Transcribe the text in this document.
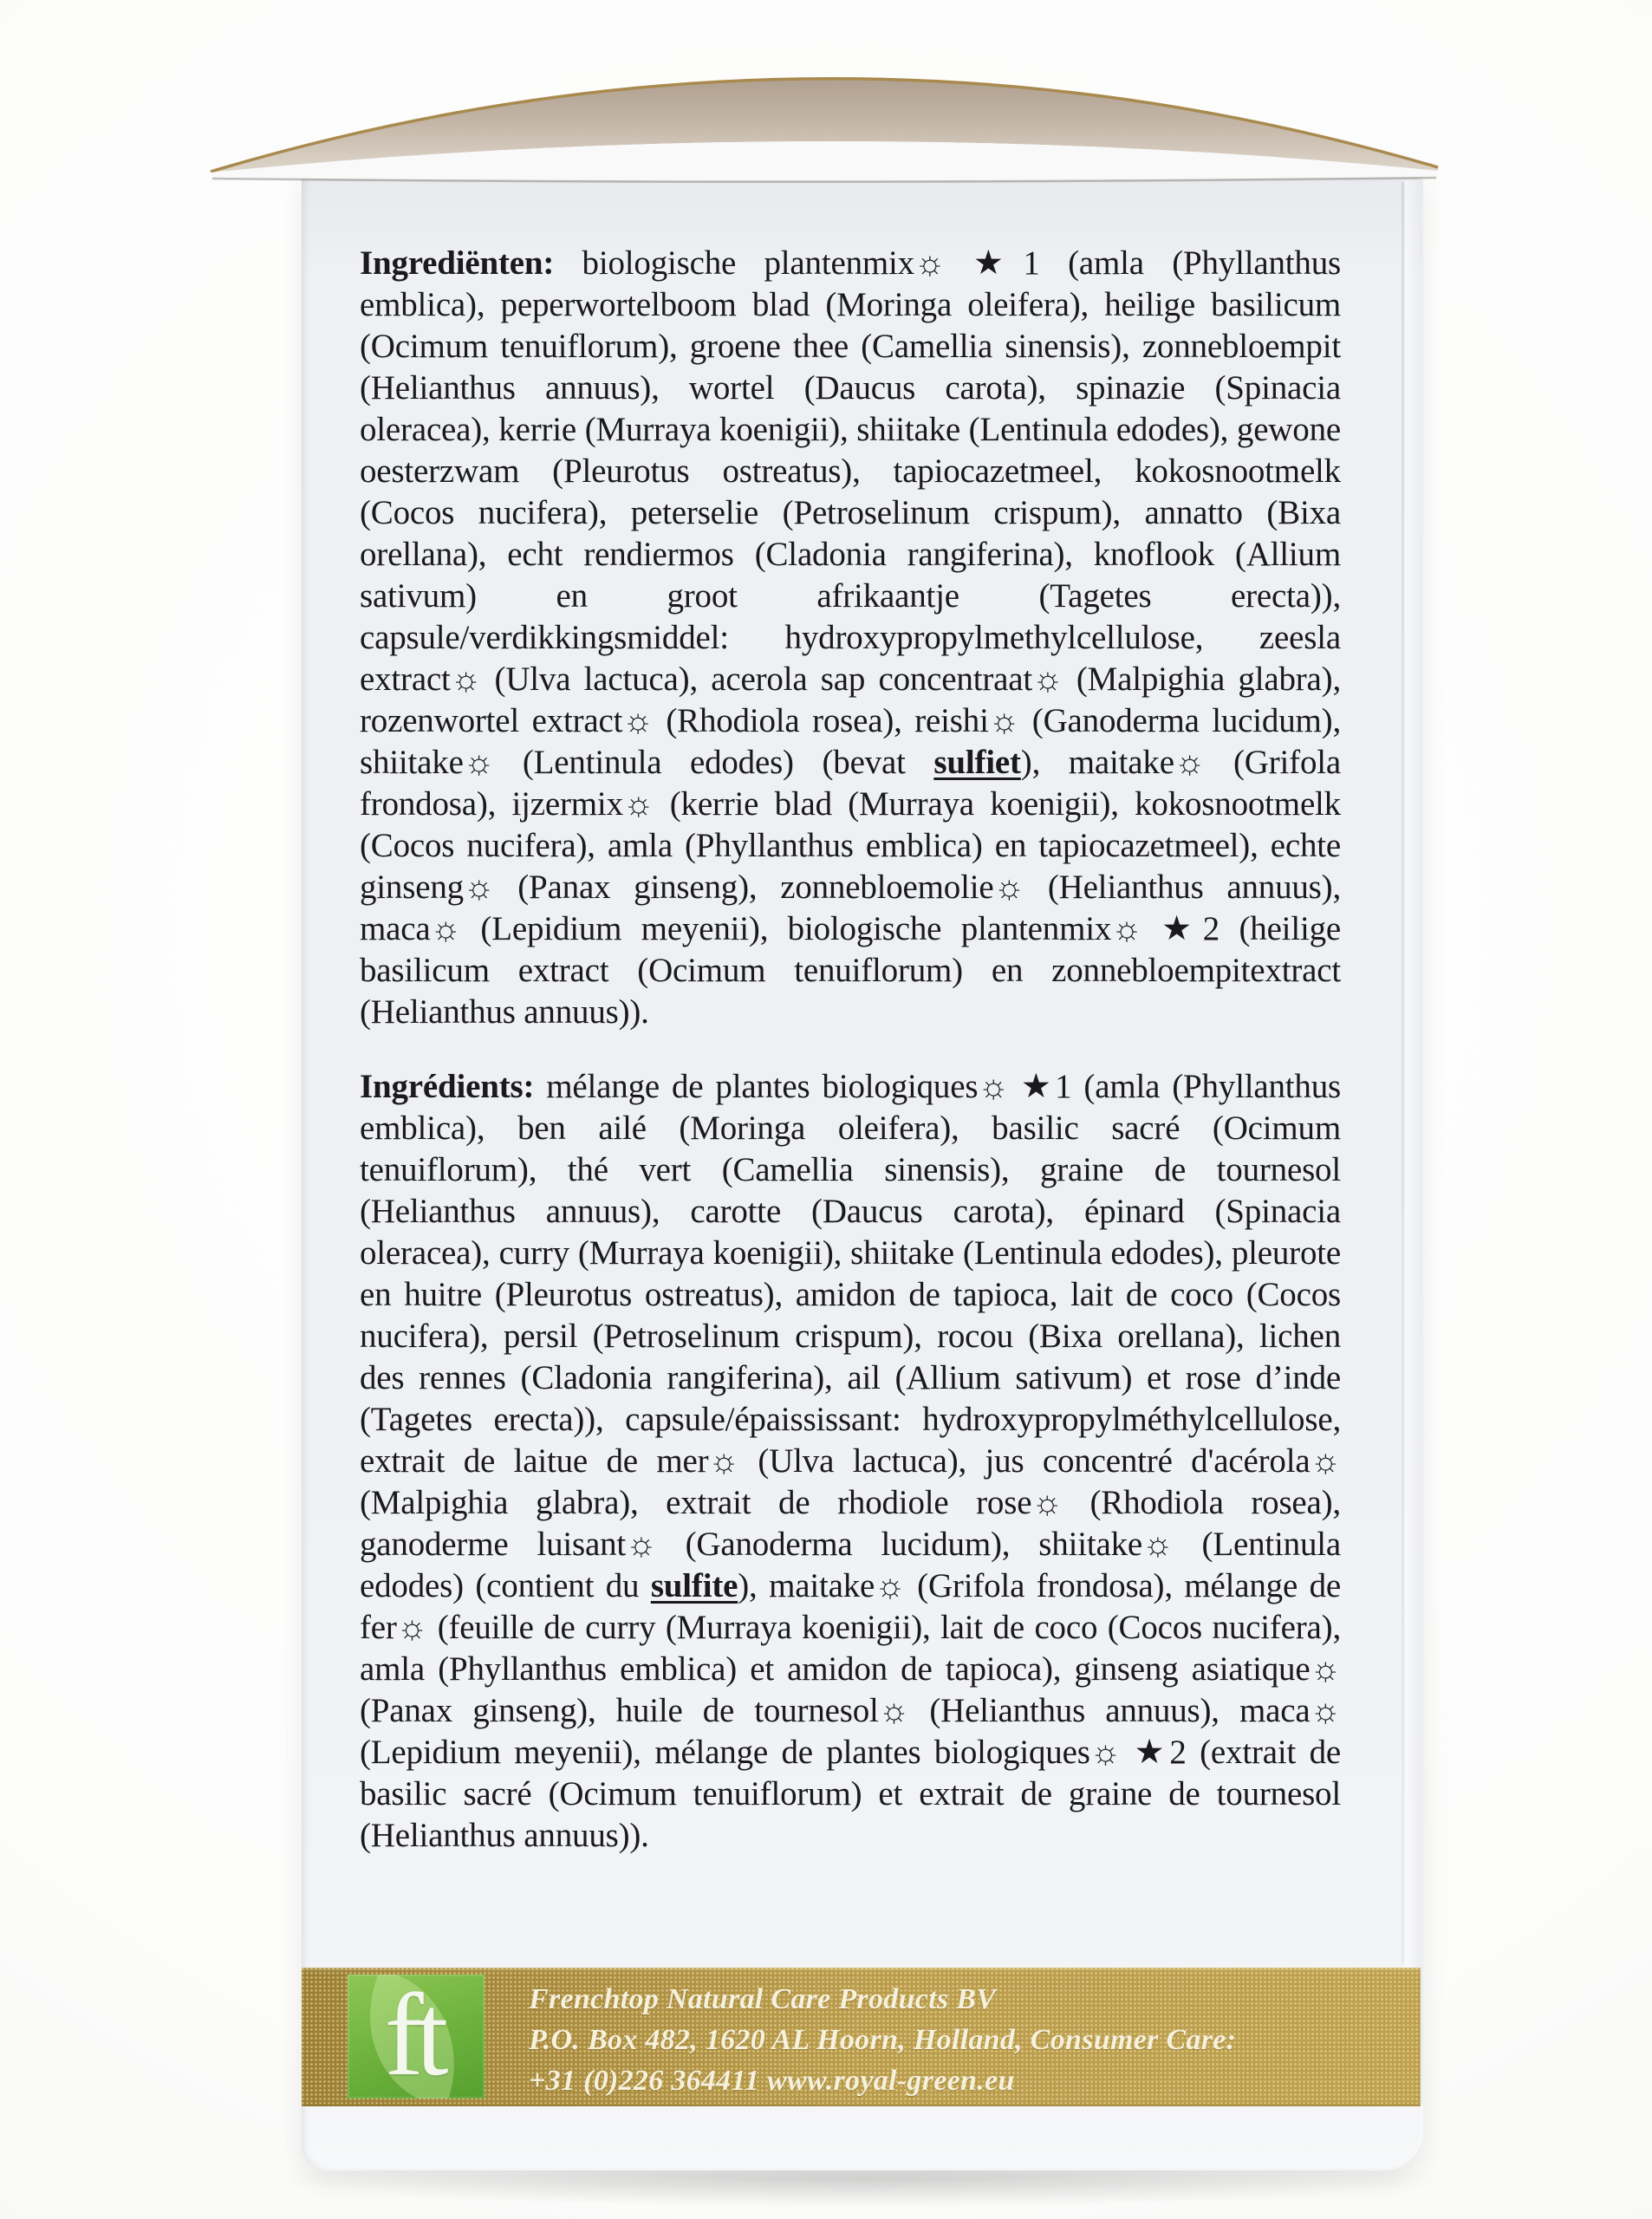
Ingrediënten: biologische plantenmix☼ ★1 (amla (Phyllanthus emblica), peperwortelboom blad (Moringa oleifera), heilige basilicum (Ocimum tenuiflorum), groene thee (Camellia sinensis), zonnebloempit (Helianthus annuus), wortel (Daucus carota), spinazie (Spinacia oleracea), kerrie (Murraya koenigii), shiitake (Lentinula edodes), gewone oesterzwam (Pleurotus ostreatus), tapiocazetmeel, kokosnootmelk (Cocos nucifera), peterselie (Petroselinum crispum), annatto (Bixa orellana), echt rendiermos (Cladonia rangiferina), knoflook (Allium sativum) en groot afrikaantje (Tagetes erecta)), capsule/verdikkingsmiddel: hydroxypropylmethylcellulose, zeesla extract☼ (Ulva lactuca), acerola sap concentraat☼ (Malpighia glabra), rozenwortel extract☼ (Rhodiola rosea), reishi☼ (Ganoderma lucidum), shiitake☼ (Lentinula edodes) (bevat sulfiet), maitake☼ (Grifola frondosa), ijzermix☼ (kerrie blad (Murraya koenigii), kokosnootmelk (Cocos nucifera), amla (Phyllanthus emblica) en tapiocazetmeel), echte ginseng☼ (Panax ginseng), zonnebloemolie☼ (Helianthus annuus), maca☼ (Lepidium meyenii), biologische plantenmix☼ ★2 (heilige basilicum extract (Ocimum tenuiflorum) en zonnebloempitextract (Helianthus annuus)).

Ingrédients: mélange de plantes biologiques☼ ★1 (amla (Phyllanthus emblica), ben ailé (Moringa oleifera), basilic sacré (Ocimum tenuiflorum), thé vert (Camellia sinensis), graine de tournesol (Helianthus annuus), carotte (Daucus carota), épinard (Spinacia oleracea), curry (Murraya koenigii), shiitake (Lentinula edodes), pleurote en huitre (Pleurotus ostreatus), amidon de tapioca, lait de coco (Cocos nucifera), persil (Petroselinum crispum), rocou (Bixa orellana), lichen des rennes (Cladonia rangiferina), ail (Allium sativum) et rose d’inde (Tagetes erecta)), capsule/épaississant: hydroxypropylméthylcellulose, extrait de laitue de mer☼ (Ulva lactuca), jus concentré d'acérola☼ (Malpighia glabra), extrait de rhodiole rose☼ (Rhodiola rosea), ganoderme luisant☼ (Ganoderma lucidum), shiitake☼ (Lentinula edodes) (contient du sulfite), maitake☼ (Grifola frondosa), mélange de fer☼ (feuille de curry (Murraya koenigii), lait de coco (Cocos nucifera), amla (Phyllanthus emblica) et amidon de tapioca), ginseng asiatique☼ (Panax ginseng), huile de tournesol☼ (Helianthus annuus), maca☼ (Lepidium meyenii), mélange de plantes biologiques☼ ★2 (extrait de basilic sacré (Ocimum tenuiflorum) et extrait de graine de tournesol (Helianthus annuus)).

ft	Frenchtop Natural Care Products BV
P.O. Box 482, 1620 AL Hoorn, Holland, Consumer Care:
+31 (0)226 364411 www.royal-green.eu
